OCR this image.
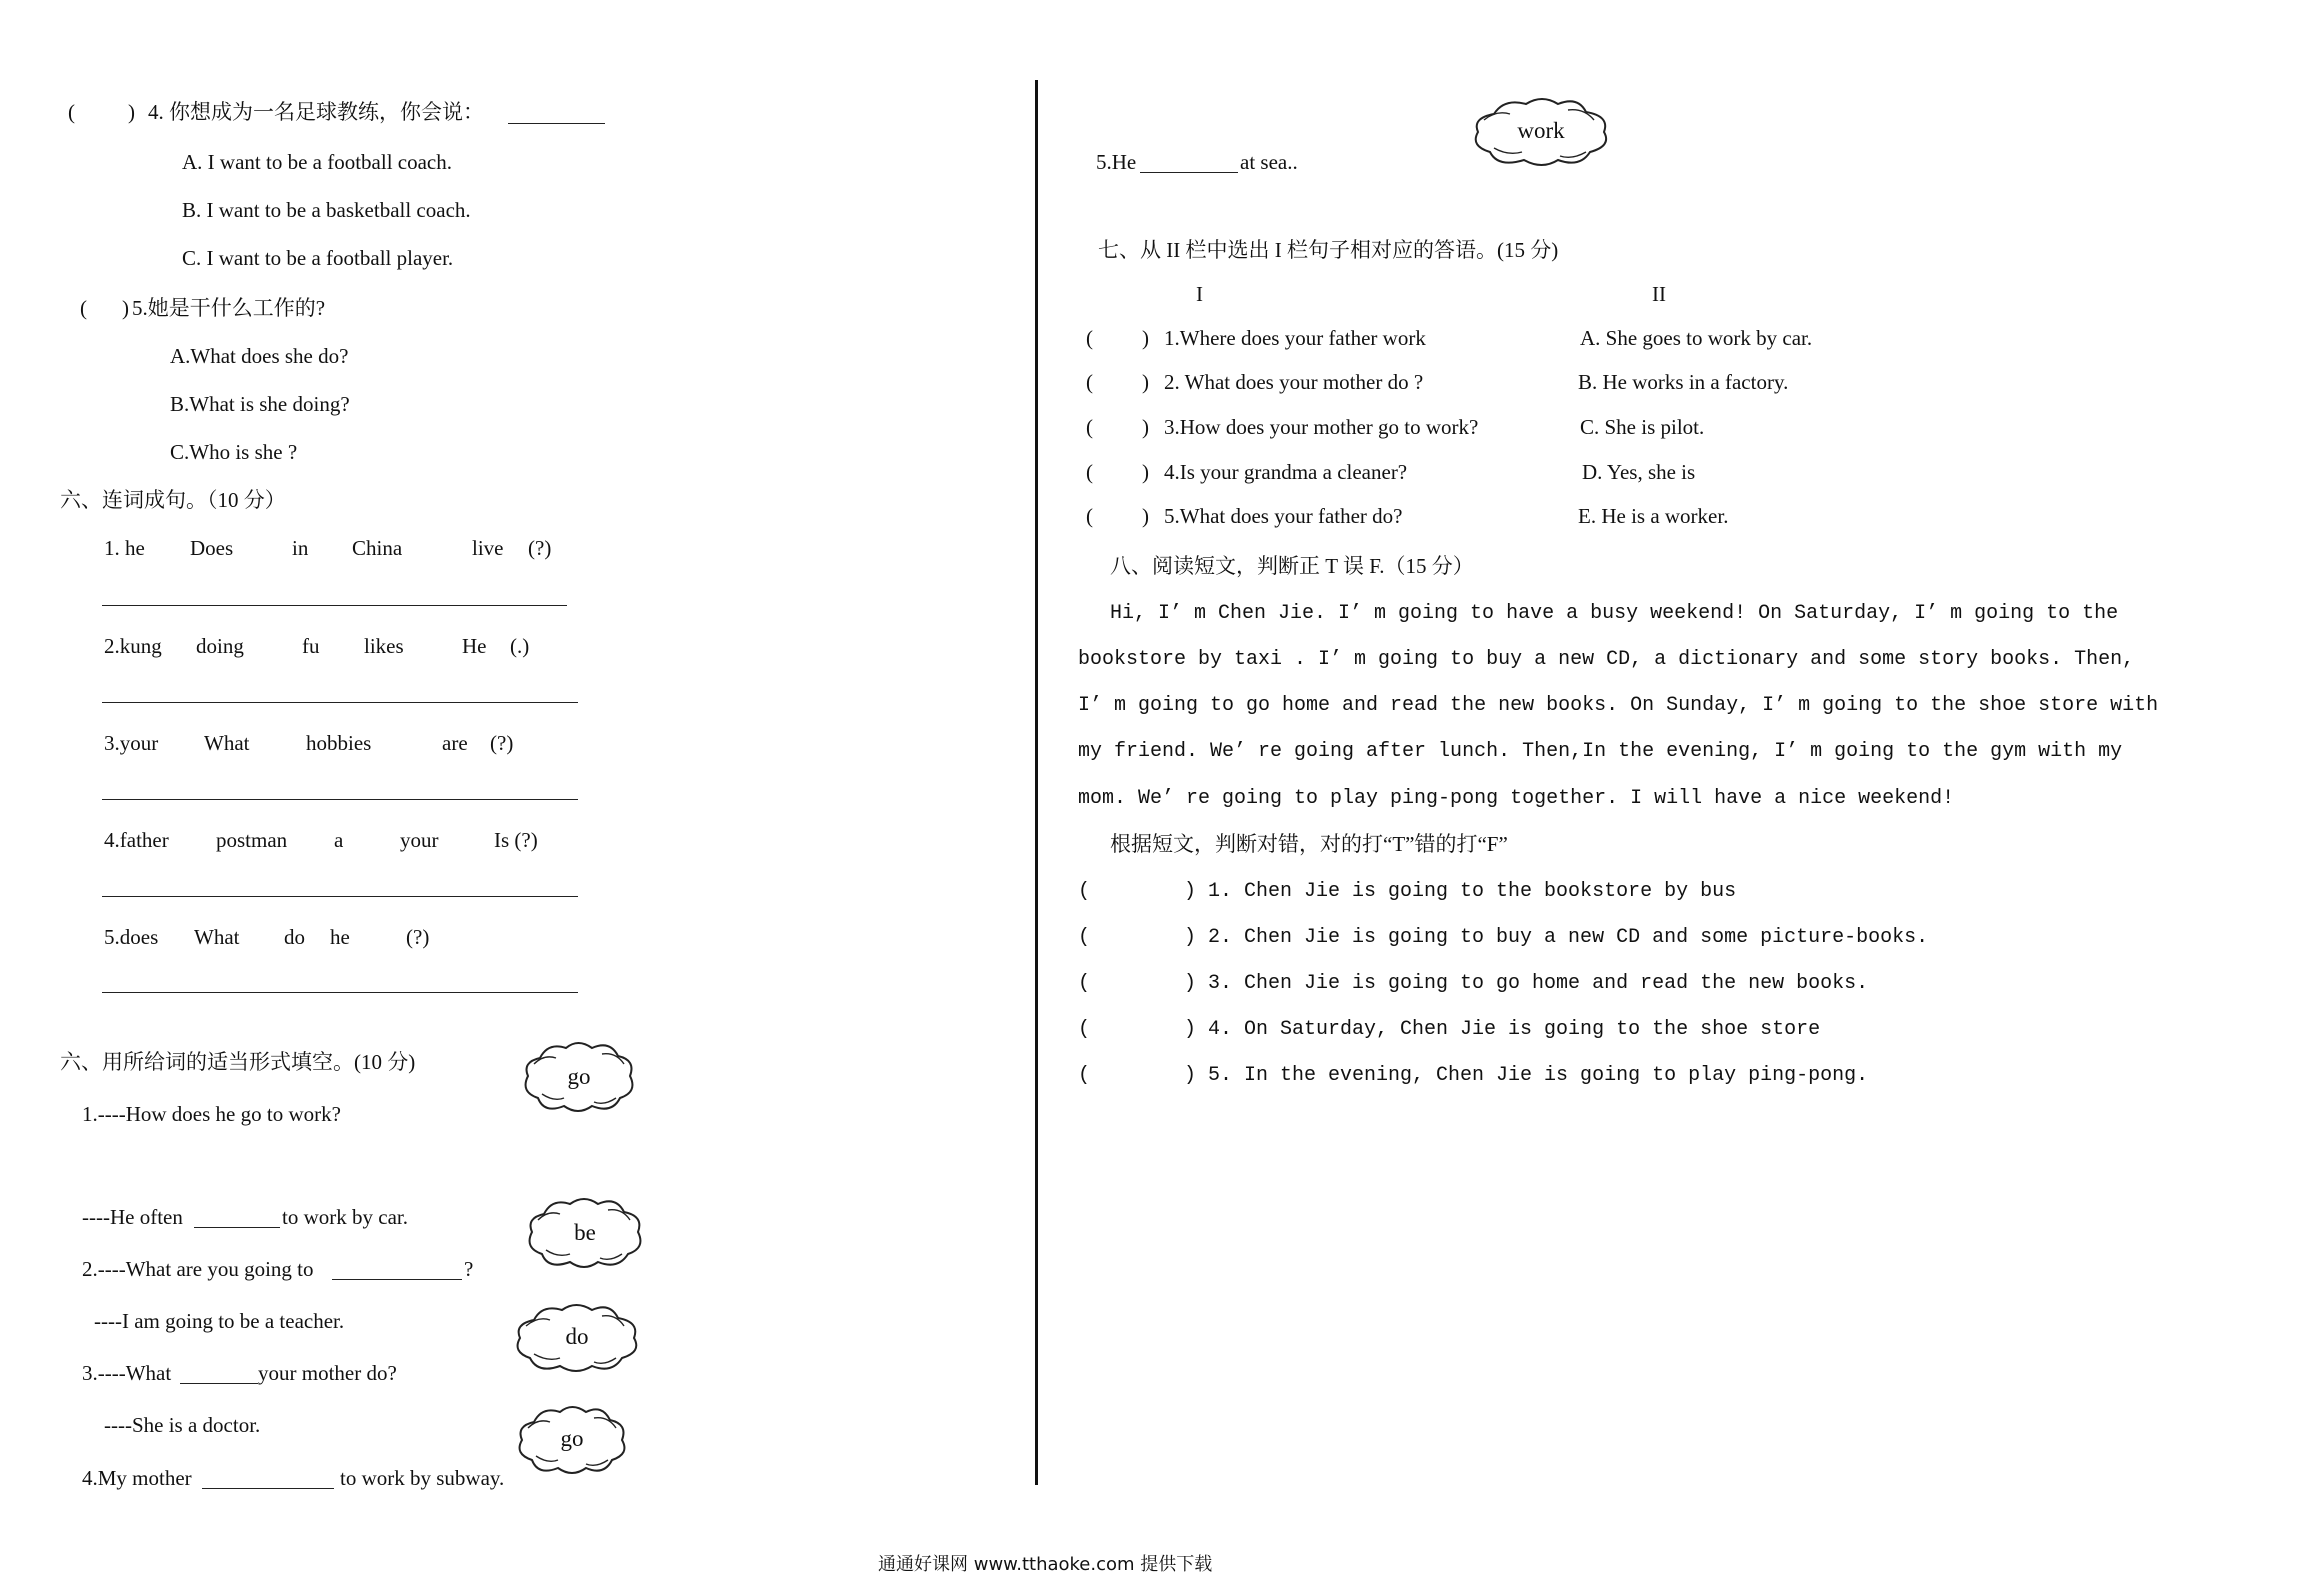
(	) 4. 你想成为一名足球教练，你会说：
A. I want to be a football coach.
B. I want to be a basketball coach.
C. I want to be a football player.
( ) 5.她是干什么工作的?
A.What does she do?
B.What is she doing?
C.Who is she ?
六、连词成句。（10 分）
1. he Does	in China	live (?)
2.kung doing	fu likes	He (.)
3.your What	hobbies	are (?)
4.father postman a	your	Is (?)
5.does What do he	(?)
六、用所给词的适当形式填空。(10 分)
1.----How does he go to work?
----He often	to work by car.
2.----What are you going to	?
----I am going to be a teacher.
3.----What	your mother do?
----She is a doctor.
4.My mother	to work by subway.
go
be
do
go
work
5.He	at sea..
七、从 II 栏中选出 I 栏句子相对应的答语。(15 分)
I	II
( ) 1.Where does your father work	A. She goes to work by car.
( ) 2. What does your mother do ?	B. He works in a factory.
( ) 3.How does your mother go to work?	C. She is pilot.
( ) 4.Is your grandma a cleaner?	D. Yes, she is
( ) 5.What does your father do?	E. He is a worker.
八、阅读短文，判断正 T 误 F.（15 分）
Hi, I’ m Chen Jie. I’ m going to have a busy weekend! On Saturday, I’ m going to the
bookstore by taxi . I’ m going to buy a new CD, a dictionary and some story books. Then,
I’ m going to go home and read the new books. On Sunday, I’ m going to the shoe store with
my friend. We’ re going after lunch. Then,In the evening, I’ m going to the gym with my
mom. We’ re going to play ping-pong together. I will have a nice weekend!
根据短文，判断对错，对的打“T”错的打“F”
(	) 1. Chen Jie is going to the bookstore by bus
(	) 2. Chen Jie is going to buy a new CD and some picture-books.
(	) 3. Chen Jie is going to go home and read the new books.
(	) 4. On Saturday, Chen Jie is going to the shoe store
(	) 5. In the evening, Chen Jie is going to play ping-pong.
通通好课网 www.tthaoke.com 提供下载
